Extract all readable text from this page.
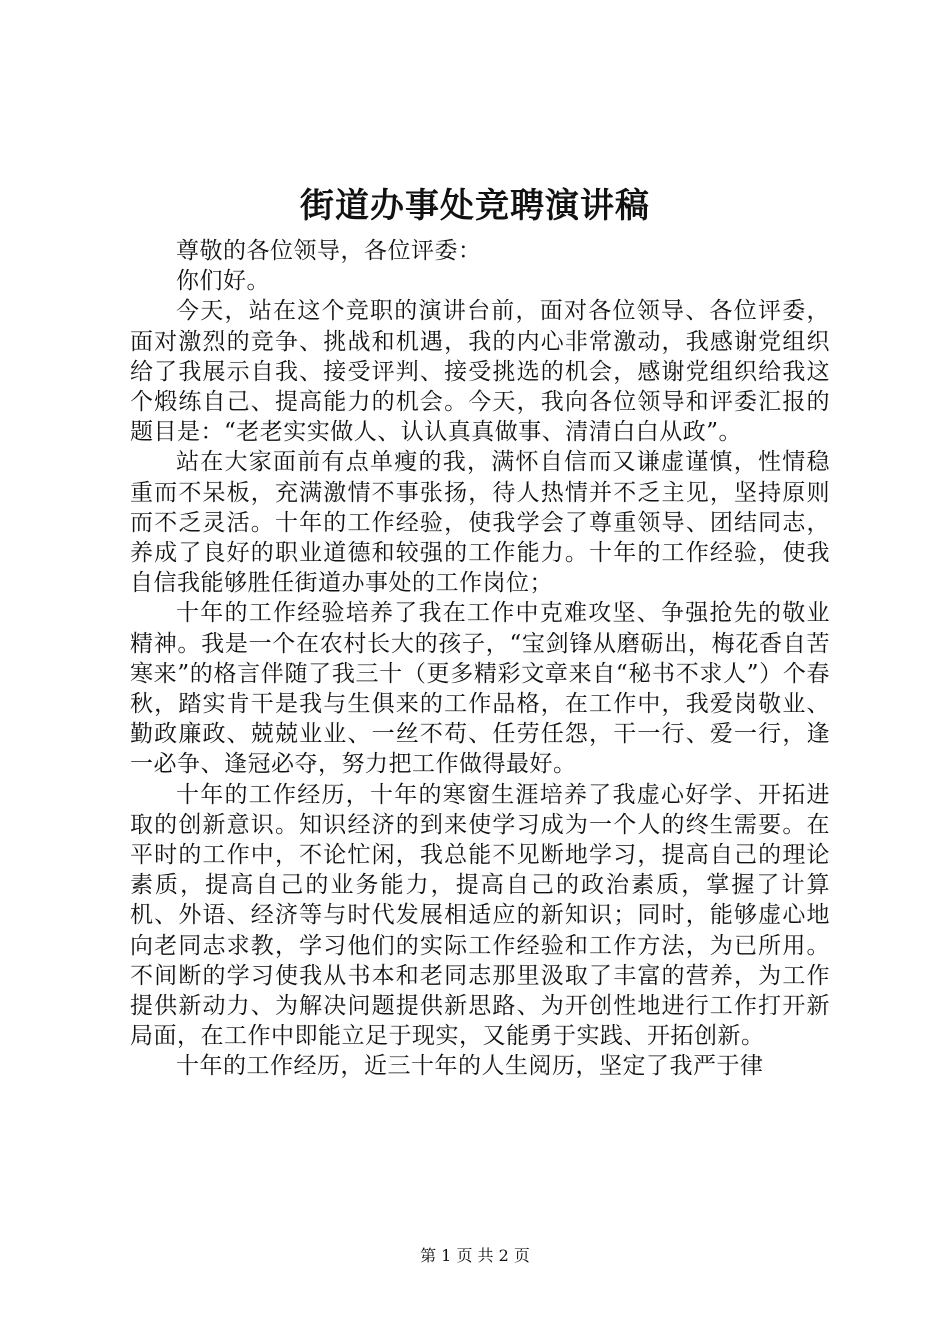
街道办事处竞聘演讲稿

尊敬的各位领导，各位评委：

你们好。

今天，站在这个竞职的演讲台前，面对各位领导、各位评委，面对激烈的竞争、挑战和机遇，我的内心非常激动，我感谢党组织给了我展示自我、接受评判、接受挑选的机会，感谢党组织给我这个煅练自己、提高能力的机会。今天，我向各位领导和评委汇报的题目是：“老老实实做人、认认真真做事、清清白白从政”。

站在大家面前有点单瘦的我，满怀自信而又谦虚谨慎，性情稳重而不呆板，充满激情不事张扬，待人热情并不乏主见，坚持原则而不乏灵活。十年的工作经验，使我学会了尊重领导、团结同志，养成了良好的职业道德和较强的工作能力。十年的工作经验，使我自信我能够胜任街道办事处的工作岗位；

十年的工作经验培养了我在工作中克难攻坚、争强抢先的敬业精神。我是一个在农村长大的孩子，“宝剑锋从磨砺出，梅花香自苦寒来”的格言伴随了我三十（更多精彩文章来自“秘书不求人”）个春秋，踏实肯干是我与生俱来的工作品格，在工作中，我爱岗敬业、勤政廉政、兢兢业业、一丝不苟、任劳任怨，干一行、爱一行，逢一必争、逢冠必夺，努力把工作做得最好。

十年的工作经历，十年的寒窗生涯培养了我虚心好学、开拓进取的创新意识。知识经济的到来使学习成为一个人的终生需要。在平时的工作中，不论忙闲，我总能不见断地学习，提高自己的理论素质，提高自己的业务能力，提高自己的政治素质，掌握了计算机、外语、经济等与时代发展相适应的新知识；同时，能够虚心地向老同志求教，学习他们的实际工作经验和工作方法，为已所用。不间断的学习使我从书本和老同志那里汲取了丰富的营养，为工作提供新动力、为解决问题提供新思路、为开创性地进行工作打开新局面，在工作中即能立足于现实，又能勇于实践、开拓创新。

十年的工作经历，近三十年的人生阅历，坚定了我严于律

第 1 页 共 2 页
